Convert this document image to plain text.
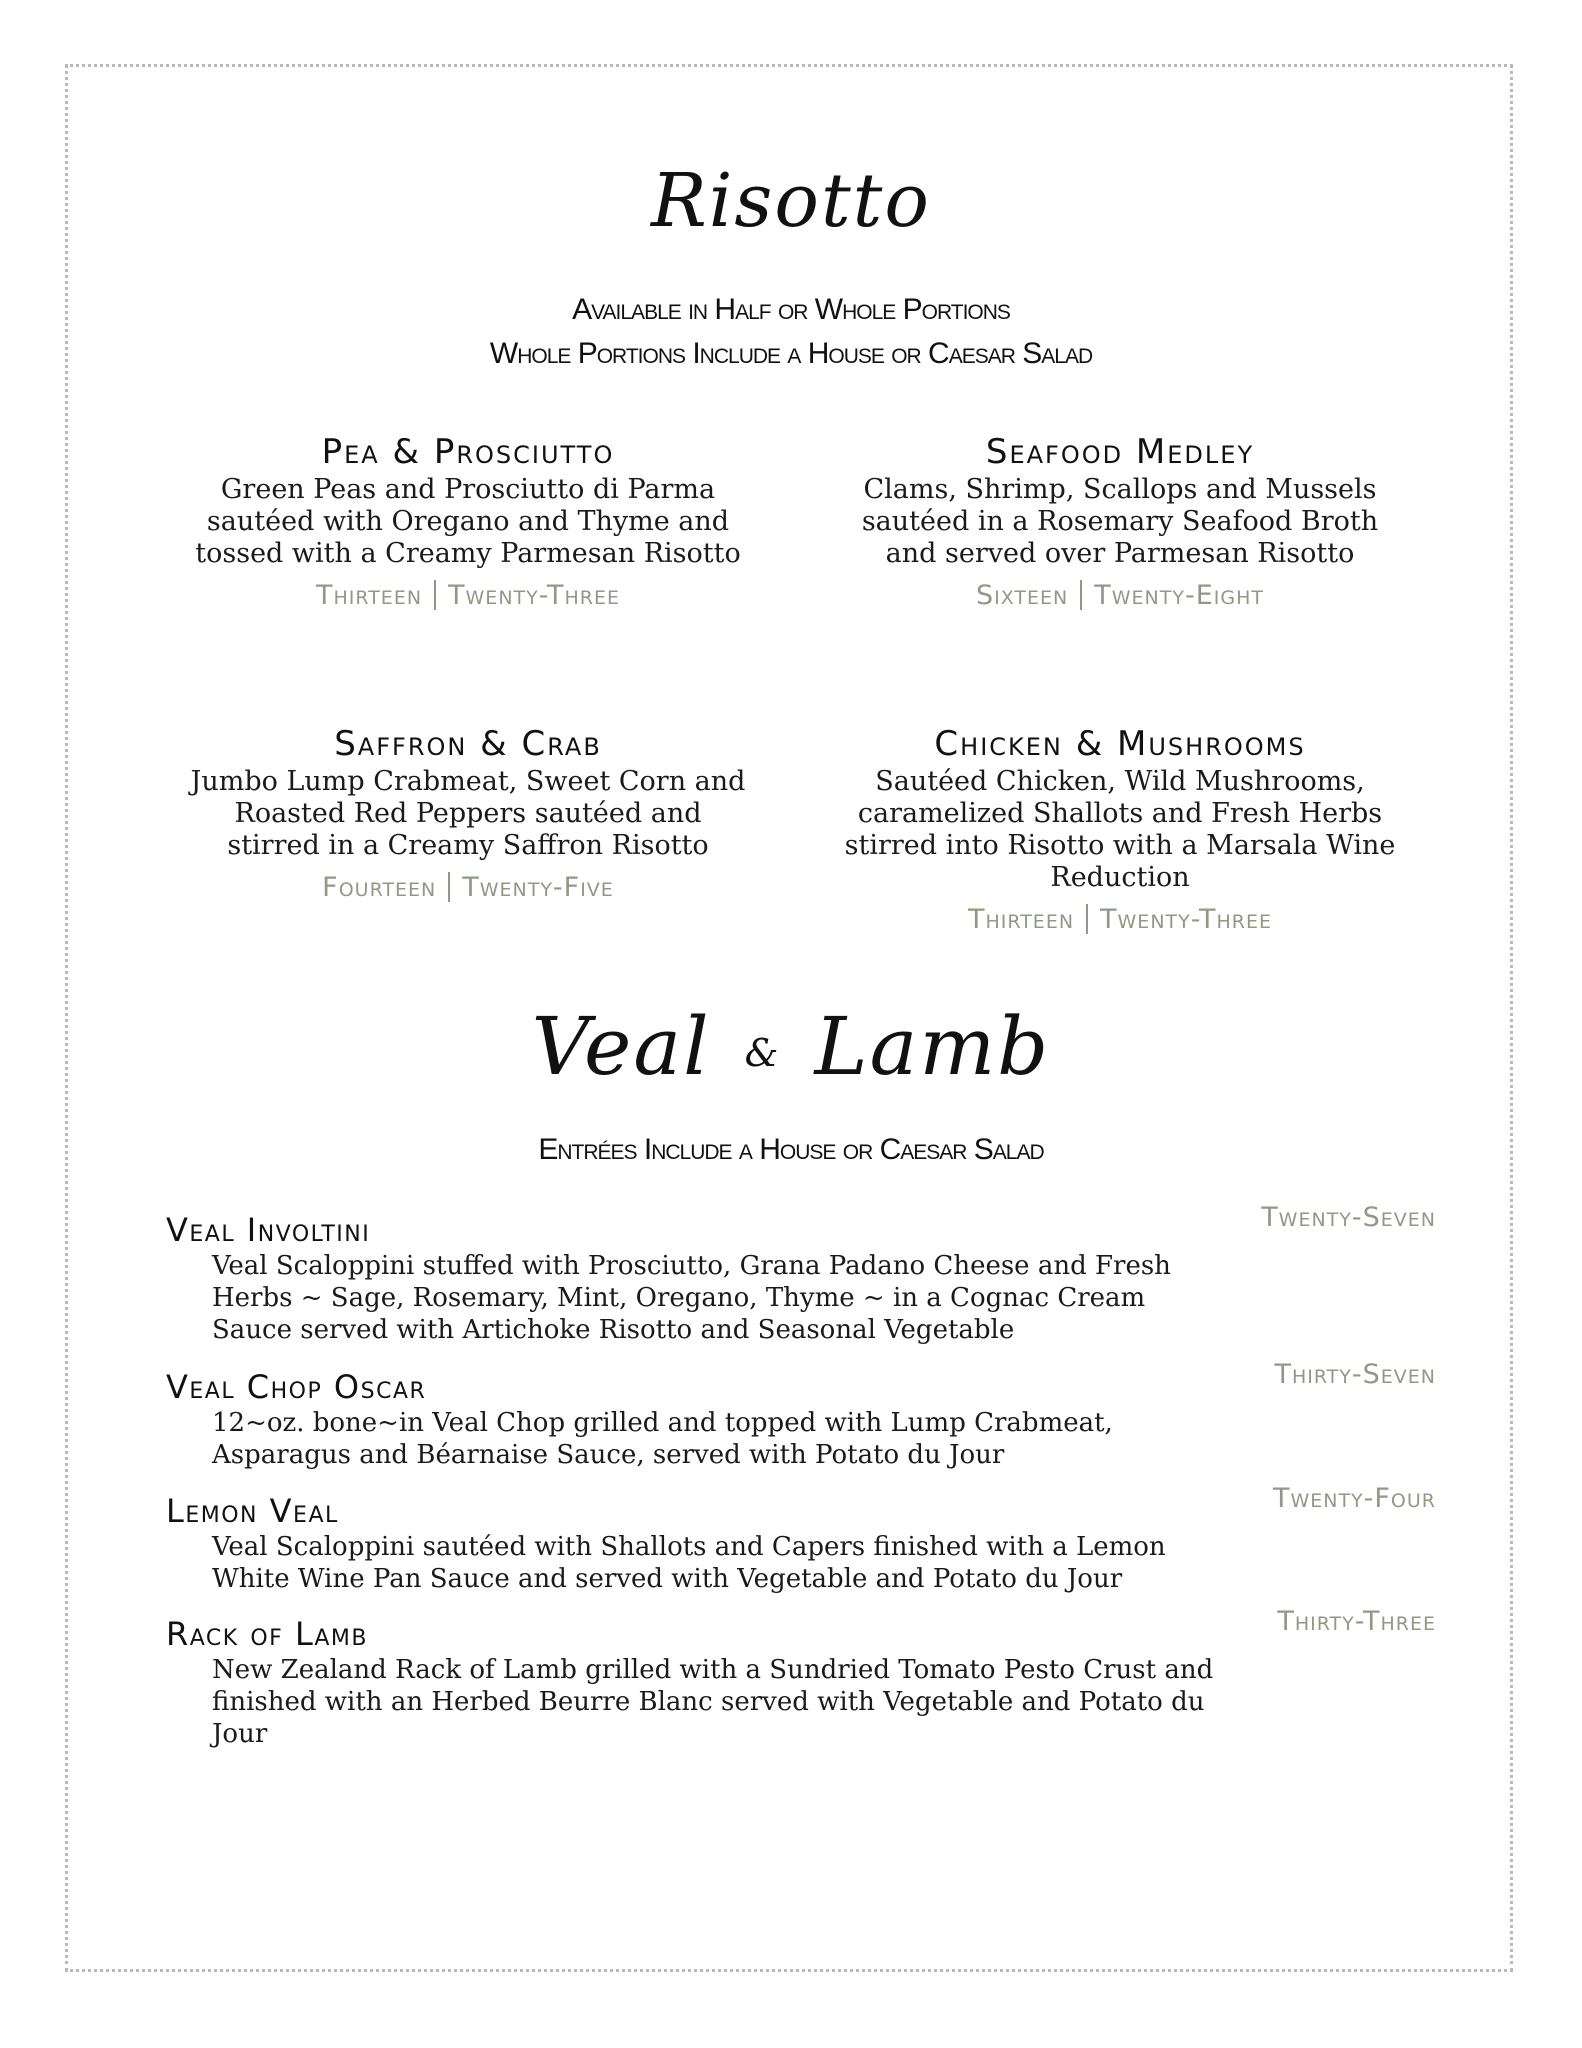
Risotto
Available in Half or Whole Portions
Whole Portions Include a House or Caesar Salad
Pea & Prosciutto
Green Peas and Prosciutto di Parma sautéed with Oregano and Thyme and tossed with a Creamy Parmesan Risotto
Thirteen Twenty-Three
Seafood Medley
Clams, Shrimp, Scallops and Mussels sautéed in a Rosemary Seafood Broth and served over Parmesan Risotto
Sixteen Twenty-Eight
Saffron & Crab
Jumbo Lump Crabmeat, Sweet Corn and Roasted Red Peppers sautéed and stirred in a Creamy Saffron Risotto
Fourteen Twenty-Five
Chicken & Mushrooms
Sautéed Chicken, Wild Mushrooms, caramelized Shallots and Fresh Herbs stirred into Risotto with a Marsala Wine Reduction
Thirteen Twenty-Three
Veal & Lamb
Entrées Include a House or Caesar Salad
Veal Involtini	Twenty-Seven
Veal Scaloppini stuffed with Prosciutto, Grana Padano Cheese and Fresh Herbs ~ Sage, Rosemary, Mint, Oregano, Thyme ~ in a Cognac Cream Sauce served with Artichoke Risotto and Seasonal Vegetable
Veal Chop Oscar	Thirty-Seven
12~oz. bone~in Veal Chop grilled and topped with Lump Crabmeat, Asparagus and Béarnaise Sauce, served with Potato du Jour
Lemon Veal	Twenty-Four
Veal Scaloppini sautéed with Shallots and Capers finished with a Lemon White Wine Pan Sauce and served with Vegetable and Potato du Jour
Rack of Lamb	Thirty-Three
New Zealand Rack of Lamb grilled with a Sundried Tomato Pesto Crust and finished with an Herbed Beurre Blanc served with Vegetable and Potato du Jour
